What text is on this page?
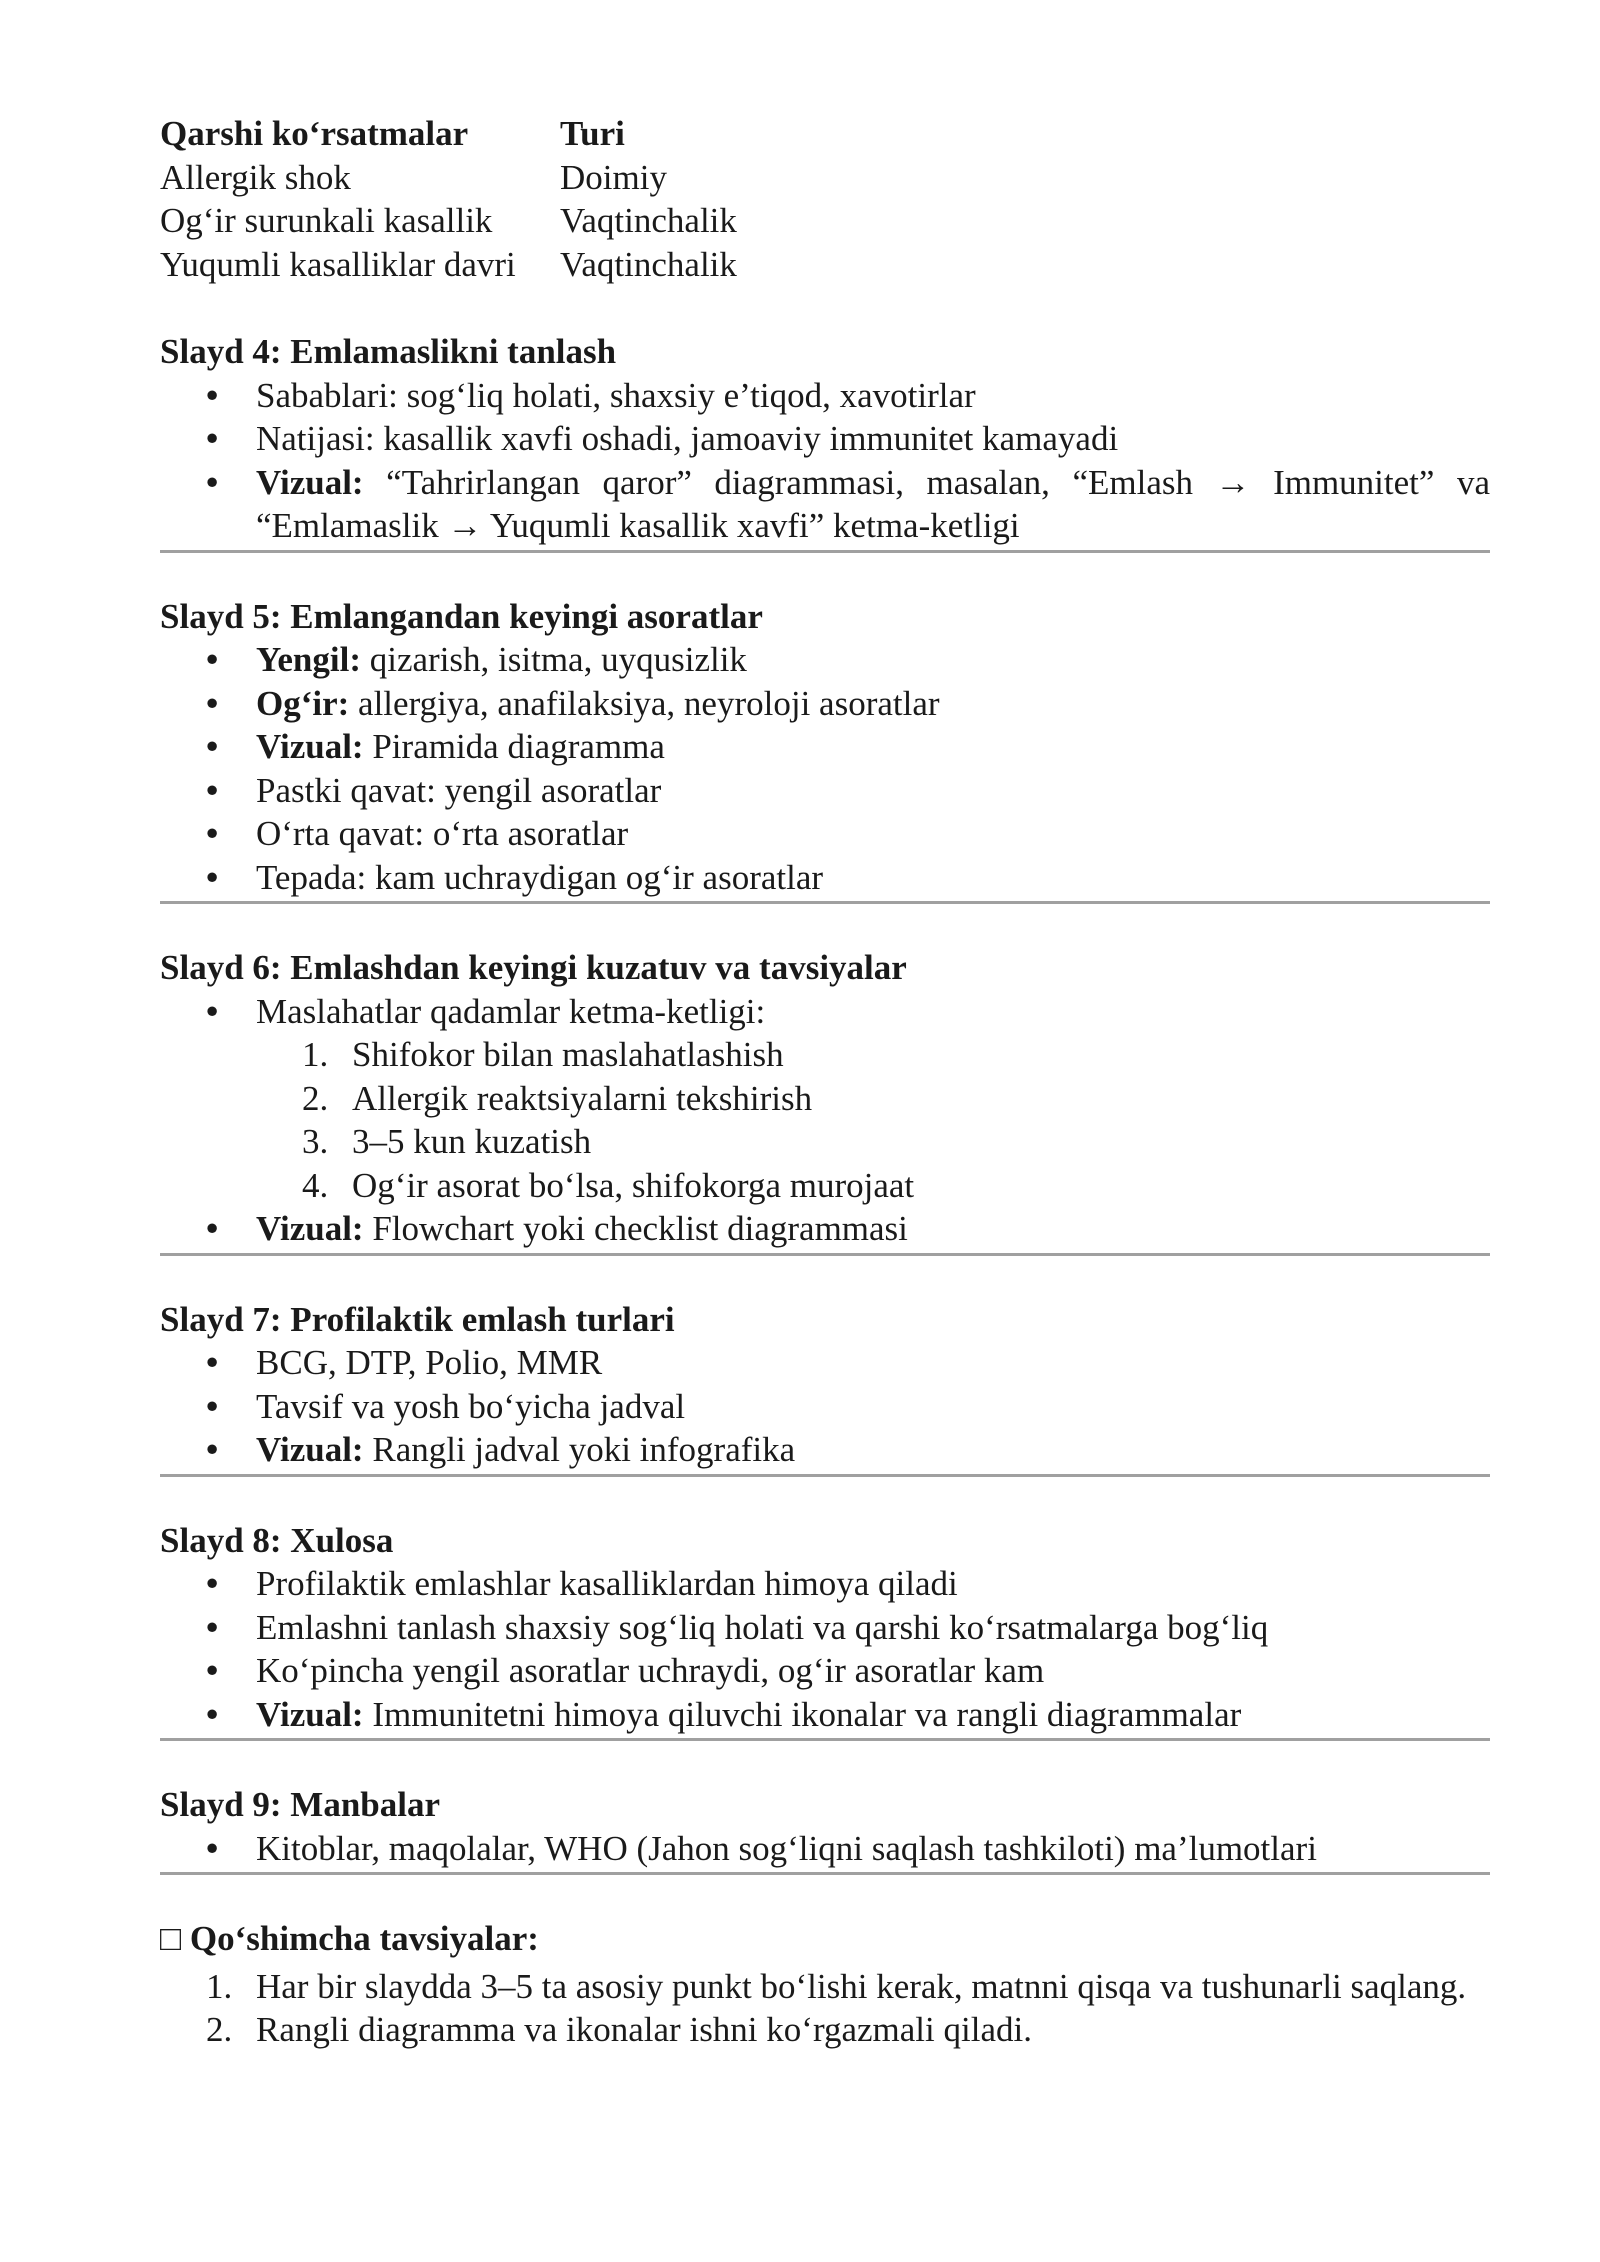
Qarshi ko‘rsatmalar	Turi
Allergik shok	Doimiy
Og‘ir surunkali kasallik	Vaqtinchalik
Yuqumli kasalliklar davri	Vaqtinchalik
Slayd 4: Emlamaslikni tanlash
• Sabablari: sog‘liq holati, shaxsiy e’tiqod, xavotirlar
• Natijasi: kasallik xavfi oshadi, jamoaviy immunitet kamayadi
• Vizual: “Tahrirlangan qaror” diagrammasi, masalan, “Emlash → Immunitet” va “Emlamaslik → Yuqumli kasallik xavfi” ketma-ketligi
Slayd 5: Emlangandan keyingi asoratlar
• Yengil: qizarish, isitma, uyqusizlik
• Og‘ir: allergiya, anafilaksiya, neyroloji asoratlar
• Vizual: Piramida diagramma
• Pastki qavat: yengil asoratlar
• O‘rta qavat: o‘rta asoratlar
• Tepada: kam uchraydigan og‘ir asoratlar
Slayd 6: Emlashdan keyingi kuzatuv va tavsiyalar
• Maslahatlar qadamlar ketma-ketligi:
1. Shifokor bilan maslahatlashish
2. Allergik reaktsiyalarni tekshirish
3. 3–5 kun kuzatish
4. Og‘ir asorat bo‘lsa, shifokorga murojaat
• Vizual: Flowchart yoki checklist diagrammasi
Slayd 7: Profilaktik emlash turlari
• BCG, DTP, Polio, MMR
• Tavsif va yosh bo‘yicha jadval
• Vizual: Rangli jadval yoki infografika
Slayd 8: Xulosa
• Profilaktik emlashlar kasalliklardan himoya qiladi
• Emlashni tanlash shaxsiy sog‘liq holati va qarshi ko‘rsatmalarga bog‘liq
• Ko‘pincha yengil asoratlar uchraydi, og‘ir asoratlar kam
• Vizual: Immunitetni himoya qiluvchi ikonalar va rangli diagrammalar
Slayd 9: Manbalar
• Kitoblar, maqolalar, WHO (Jahon sog‘liqni saqlash tashkiloti) ma’lumotlari
□ Qo‘shimcha tavsiyalar:
1. Har bir slaydda 3–5 ta asosiy punkt bo‘lishi kerak, matnni qisqa va tushunarli saqlang.
2. Rangli diagramma va ikonalar ishni ko‘rgazmali qiladi.
